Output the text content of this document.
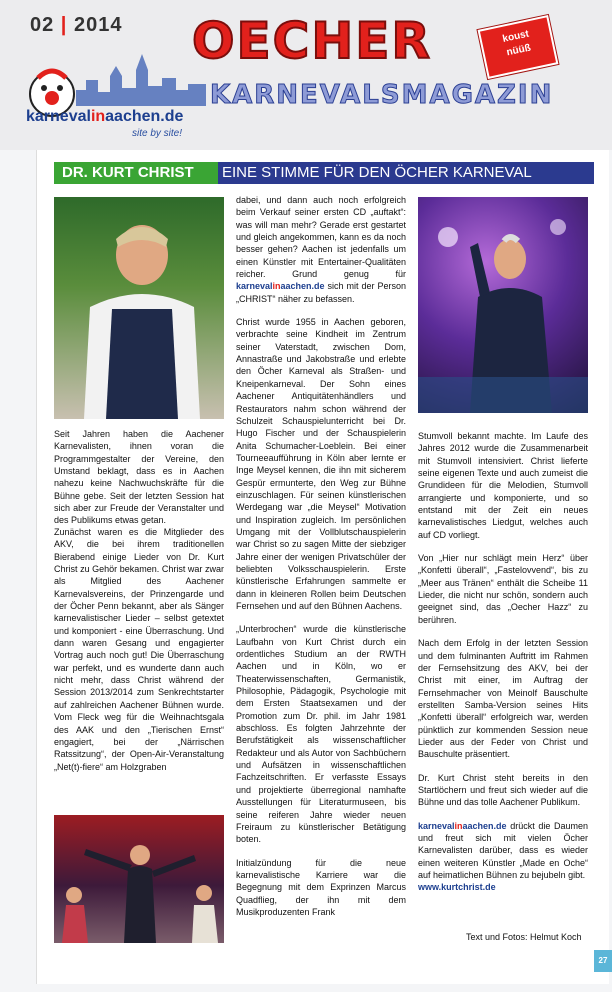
02 | 2014
karnevalinaachen.de
site by site!
OECHER
KARNEVALSMAGAZIN
koust
nüüß
DR. KURT CHRIST	EINE STIMME FÜR DEN ÖCHER KARNEVAL

Seit Jahren haben die Aachener Karnevalisten, ihnen voran die Programmgestalter der Vereine, den Umstand beklagt, dass es in Aachen nahezu keine Nachwuchskräfte für die Bühne gebe. Seit der letzten Session hat sich aber zur Freude der Veranstalter und des Publikums etwas getan.

Zunächst waren es die Mitglieder des AKV, die bei ihrem traditionellen Bierabend einige Lieder von Dr. Kurt Christ zu Gehör bekamen. Christ war zwar als Mitglied des Aachener Karnevalsvereins, der Prinzengarde und der Öcher Penn bekannt, aber als Sänger karnevalistischer Lieder – selbst getextet und komponiert - eine Überraschung. Und dann waren Gesang und engagierter Vortrag auch noch gut! Die Überraschung war perfekt, und es wunderte dann auch nicht mehr, dass Christ während der Session 2013/2014 zum Senkrechtstarter auf zahlreichen Aachener Bühnen wurde. Vom Fleck weg für die Weihnachtsgala des AAK und den „Tierischen Ernst“ engagiert, bei der „Närrischen Ratssitzung“, der Open-Air-Veranstaltung „Net(t)-fiere“ am Holzgraben

dabei, und dann auch noch erfolgreich beim Verkauf seiner ersten CD „auftakt“: was will man mehr? Gerade erst gestartet und gleich angekommen, kann es da noch besser gehen? Aachen ist jedenfalls um einen Künstler mit Entertainer-Qualitäten reicher. Grund genug für karnevalinaachen.de sich mit der Person „CHRIST“ näher zu befassen.

Christ wurde 1955 in Aachen geboren, verbrachte seine Kindheit im Zentrum seiner Vaterstadt, zwischen Dom, Annastraße und Jakobstraße und erlebte den Öcher Karneval als Straßen- und Kneipenkarneval. Der Sohn eines Aachener Antiquitätenhändlers und Restaurators nahm schon während der Schulzeit Schauspielunterricht bei Dr. Hugo Fischer und der Schauspielerin Anita Schumacher-Loeblein. Bei einer Tourneeaufführung in Köln aber lernte er Inge Meysel kennen, die ihn mit sicherem Gespür ermunterte, den Weg zur Bühne einzuschlagen. Für seinen künstlerischen Werdegang war „die Meysel“ Motivation und Inspiration zugleich. Im persönlichen Umgang mit der Vollblutschauspielerin war Christ so zu sagen Mitte der siebziger Jahre einer der wenigen Privatschüler der beliebten Volksschauspielerin. Erste künstlerische Erfahrungen sammelte er dann in kleineren Rollen beim Deutschen Fernsehen und auf den Bühnen Aachens.

„Unterbrochen“ wurde die künstlerische Laufbahn von Kurt Christ durch ein ordentliches Studium an der RWTH Aachen und in Köln, wo er Theaterwissenschaften, Germanistik, Philosophie, Pädagogik, Psychologie mit dem Ersten Staatsexamen und der Promotion zum Dr. phil. im Jahr 1981 abschloss. Es folgten Jahrzehnte der Berufstätigkeit als wissenschaftlicher Redakteur und als Autor von Sachbüchern und Aufsätzen in wissenschaftlichen Fachzeitschriften. Er verfasste Essays und projektierte überregional namhafte Ausstellungen für Literaturmuseen, bis seine reiferen Jahre wieder neuen Freiraum zu künstlerischer Betätigung boten.

Initialzündung für die neue karnevalistische Karriere war die Begegnung mit dem Exprinzen Marcus Quadflieg, der ihn mit dem Musikproduzenten Frank

Stumvoll bekannt machte. Im Laufe des Jahres 2012 wurde die Zusammenarbeit mit Stumvoll intensiviert. Christ lieferte seine eigenen Texte und auch zumeist die Grundideen für die Melodien, Stumvoll arrangierte und komponierte, und so entstand mit der Zeit ein neues karnevalistisches Liedgut, welches auch auf CD vorliegt.

Von „Hier nur schlägt mein Herz“ über „Konfetti überall“, „Fastelovvend“, bis zu „Meer aus Tränen“ enthält die Scheibe 11 Lieder, die nicht nur schön, sondern auch geeignet sind, das „Oecher Hazz“ zu berühren.

Nach dem Erfolg in der letzten Session und dem fulminanten Auftritt im Rahmen der Fernsehsitzung des AKV, bei der Christ mit einer, im Auftrag der Fernsehmacher von Meinolf Bauschulte erstellten Samba-Version seines Hits „Konfetti überall“ erfolgreich war, werden pünktlich zur kommenden Session neue Lieder aus der Feder von Christ und Bauschulte präsentiert.

Dr. Kurt Christ steht bereits in den Startlöchern und freut sich wieder auf die Bühne und das tolle Aachener Publikum.

karnevalinaachen.de drückt die Daumen und freut sich mit vielen Öcher Karnevalisten darüber, dass es wieder einen weiteren Künstler „Made en Oche“ auf heimatlichen Bühnen zu bejubeln gibt.

www.kurtchrist.de
Text und Fotos: Helmut Koch
27
